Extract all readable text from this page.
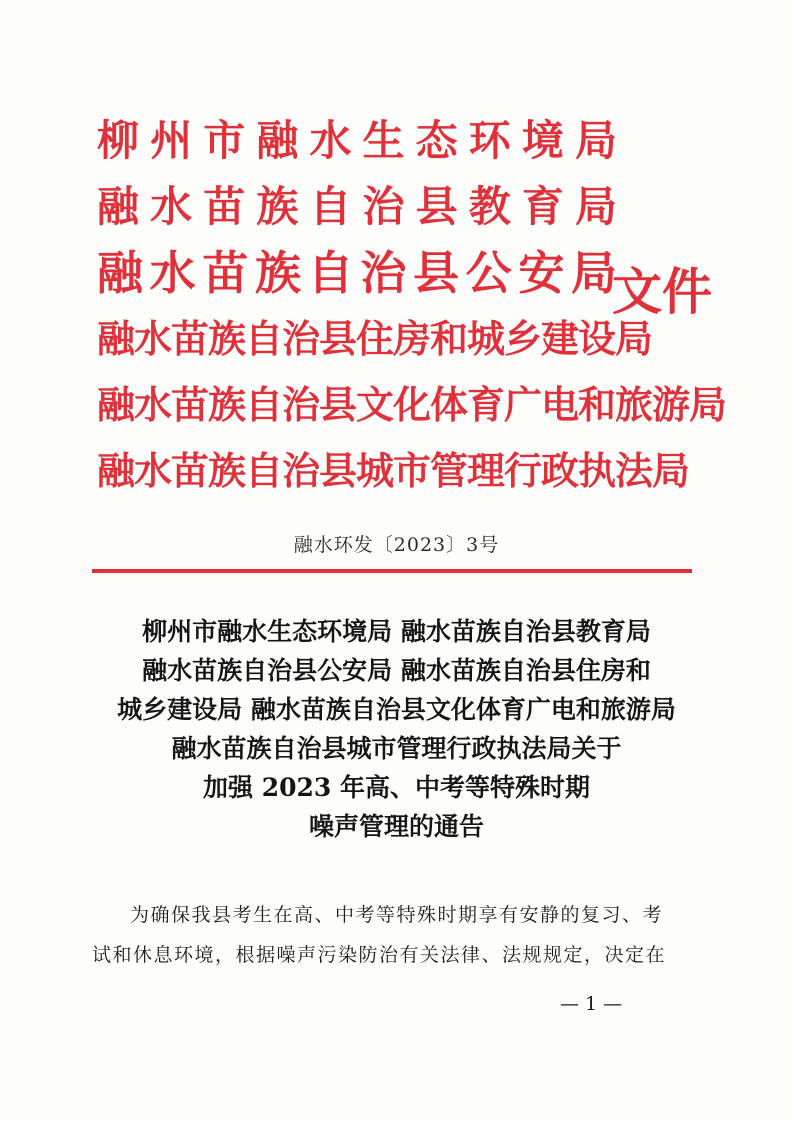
柳州市融水生态环境局
融水苗族自治县教育局
融水苗族自治县公安局
融水苗族自治县住房和城乡建设局
融水苗族自治县文化体育广电和旅游局
融水苗族自治县城市管理行政执法局
文件
融水环发〔2023〕3号
柳州市融水生态环境局 融水苗族自治县教育局
融水苗族自治县公安局 融水苗族自治县住房和
城乡建设局 融水苗族自治县文化体育广电和旅游局
融水苗族自治县城市管理行政执法局关于
加强 2023 年高、中考等特殊时期
噪声管理的通告

为确保我县考生在高、中考等特殊时期享有安静的复习、考

试和休息环境，根据噪声污染防治有关法律、法规规定，决定在

— 1 —
